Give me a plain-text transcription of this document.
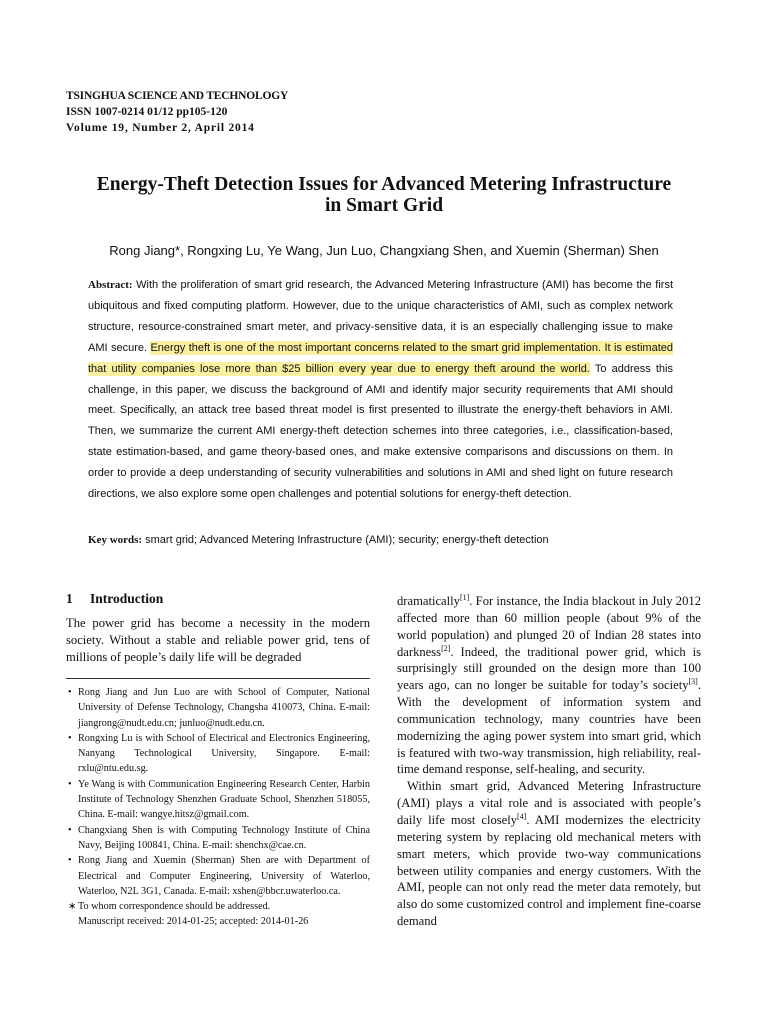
TSINGHUA SCIENCE AND TECHNOLOGY
ISSN 1007-0214 01/12 pp105-120
Volume 19, Number 2, April 2014
Energy-Theft Detection Issues for Advanced Metering Infrastructure
in Smart Grid
Rong Jiang*, Rongxing Lu, Ye Wang, Jun Luo, Changxiang Shen, and Xuemin (Sherman) Shen
Abstract: With the proliferation of smart grid research, the Advanced Metering Infrastructure (AMI) has become the first ubiquitous and fixed computing platform. However, due to the unique characteristics of AMI, such as complex network structure, resource-constrained smart meter, and privacy-sensitive data, it is an especially challenging issue to make AMI secure. Energy theft is one of the most important concerns related to the smart grid implementation. It is estimated that utility companies lose more than $25 billion every year due to energy theft around the world. To address this challenge, in this paper, we discuss the background of AMI and identify major security requirements that AMI should meet. Specifically, an attack tree based threat model is first presented to illustrate the energy-theft behaviors in AMI. Then, we summarize the current AMI energy-theft detection schemes into three categories, i.e., classification-based, state estimation-based, and game theory-based ones, and make extensive comparisons and discussions on them. In order to provide a deep understanding of security vulnerabilities and solutions in AMI and shed light on future research directions, we also explore some open challenges and potential solutions for energy-theft detection.
Key words: smart grid; Advanced Metering Infrastructure (AMI); security; energy-theft detection
1 Introduction
The power grid has become a necessity in the modern society. Without a stable and reliable power grid, tens of millions of people’s daily life will be degraded
• Rong Jiang and Jun Luo are with School of Computer, National University of Defense Technology, Changsha 410073, China. E-mail: jiangrong@nudt.edu.cn; junluo@nudt.edu.cn.
• Rongxing Lu is with School of Electrical and Electronics Engineering, Nanyang Technological University, Singapore. E-mail: rxlu@ntu.edu.sg.
• Ye Wang is with Communication Engineering Research Center, Harbin Institute of Technology Shenzhen Graduate School, Shenzhen 518055, China. E-mail: wangye.hitsz@gmail.com.
• Changxiang Shen is with Computing Technology Institute of China Navy, Beijing 100841, China. E-mail: shenchx@cae.cn.
• Rong Jiang and Xuemin (Sherman) Shen are with Department of Electrical and Computer Engineering, University of Waterloo, Waterloo, N2L 3G1, Canada. E-mail: xshen@bbcr.uwaterloo.ca.
∗ To whom correspondence should be addressed.
Manuscript received: 2014-01-25; accepted: 2014-01-26

dramatically[1]. For instance, the India blackout in July 2012 affected more than 60 million people (about 9% of the world population) and plunged 20 of Indian 28 states into darkness[2]. Indeed, the traditional power grid, which is surprisingly still grounded on the design more than 100 years ago, can no longer be suitable for today’s society[3]. With the development of information system and communication technology, many countries have been modernizing the aging power system into smart grid, which is featured with two-way transmission, high reliability, real-time demand response, self-healing, and security.

Within smart grid, Advanced Metering Infrastructure (AMI) plays a vital role and is associated with people’s daily life most closely[4]. AMI modernizes the electricity metering system by replacing old mechanical meters with smart meters, which provide two-way communications between utility companies and energy customers. With the AMI, people can not only read the meter data remotely, but also do some customized control and implement fine-coarse demand
